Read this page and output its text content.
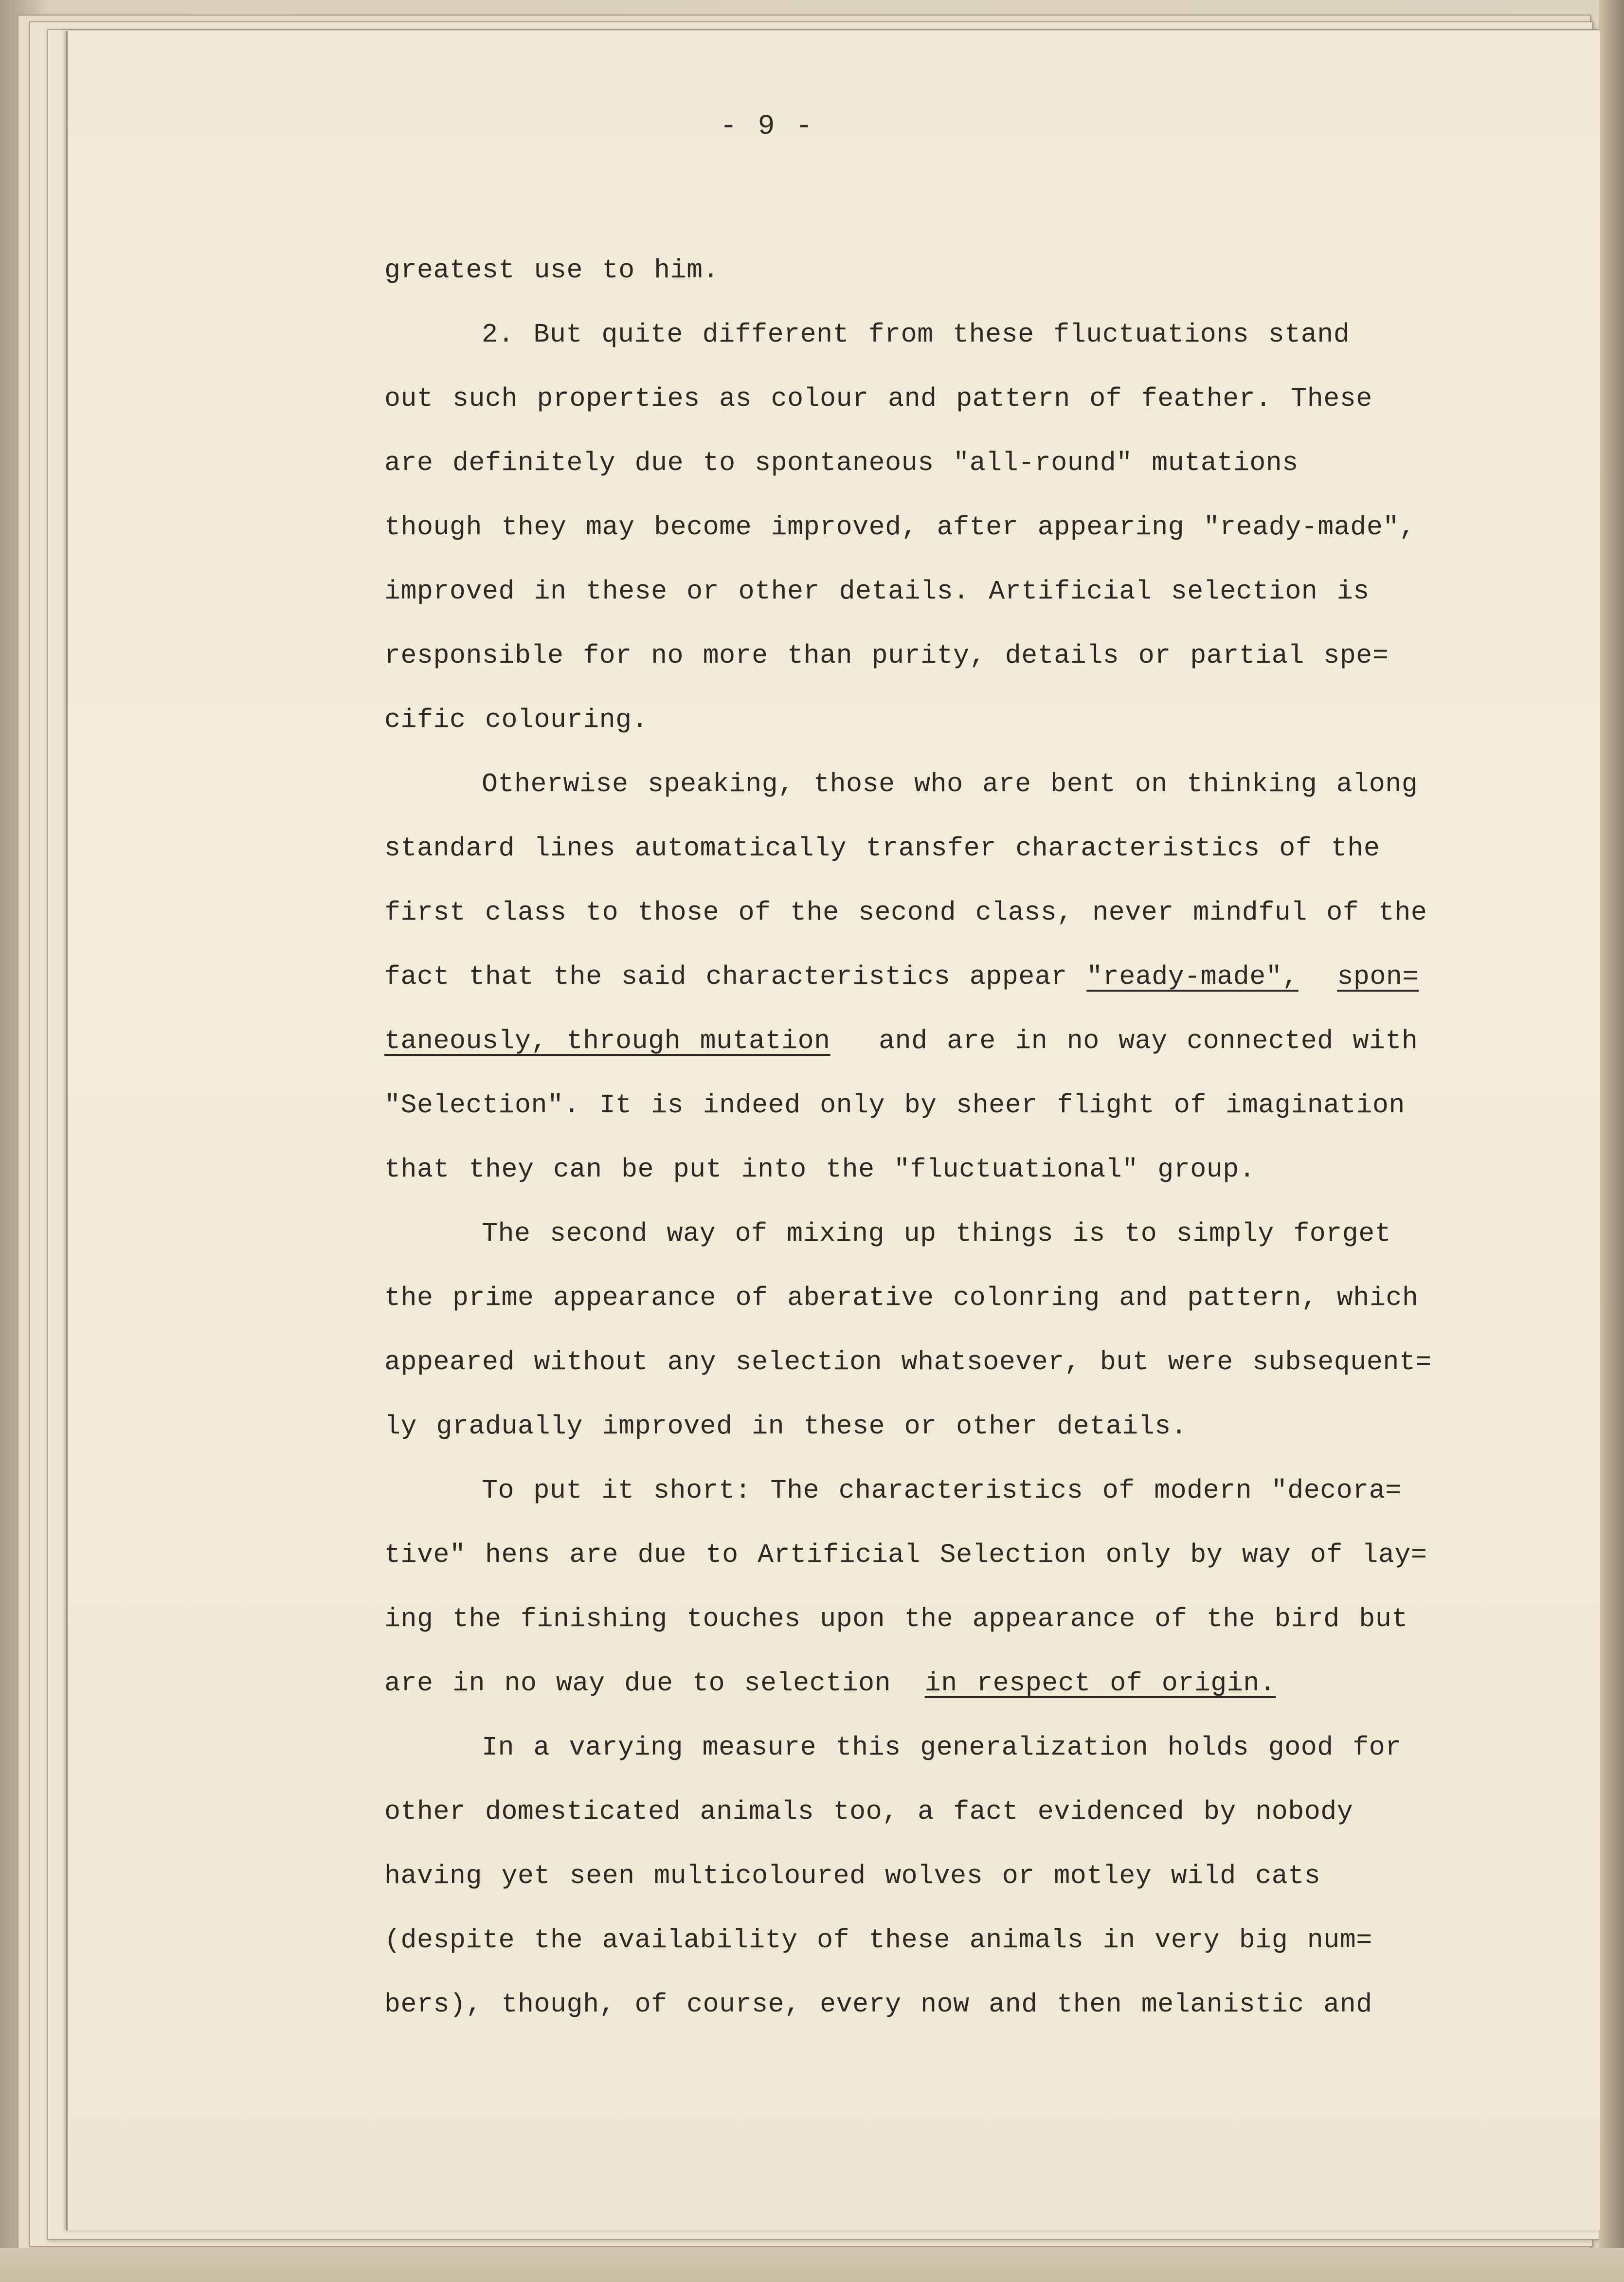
- 9 -

greatest use to him.

2. But quite different from these fluctuations stand
out such properties as colour and pattern of feather. These
are definitely due to spontaneous "all-round" mutations
though they may become improved, after appearing "ready-made",
improved in these or other details. Artificial selection is
responsible for no more than purity, details or partial spe=
cific colouring.

Otherwise speaking, those who are bent on thinking along
standard lines automatically transfer characteristics of the
first class to those of the second class, never mindful of the
fact that the said characteristics appear "ready-made", spon=
taneously, through mutation and are in no way connected with
"Selection". It is indeed only by sheer flight of imagination
that they can be put into the "fluctuational" group.

The second way of mixing up things is to simply forget
the prime appearance of aberative colonring and pattern, which
appeared without any selection whatsoever, but were subsequent=
ly gradually improved in these or other details.

To put it short: The characteristics of modern "decora=
tive" hens are due to Artificial Selection only by way of lay=
ing the finishing touches upon the appearance of the bird but
are in no way due to selection in respect of origin.

In a varying measure this generalization holds good for
other domesticated animals too, a fact evidenced by nobody
having yet seen multicoloured wolves or motley wild cats
(despite the availability of these animals in very big num=
bers), though, of course, every now and then melanistic and
